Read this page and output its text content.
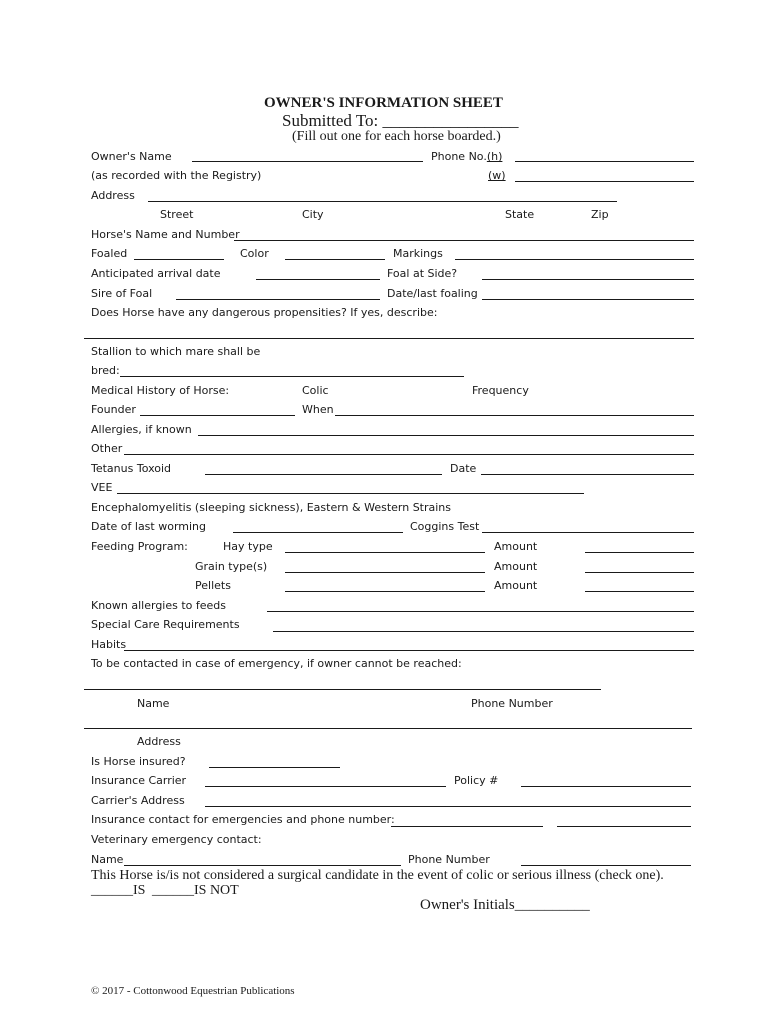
OWNER'S INFORMATION SHEET
Submitted To: ________________
(Fill out one for each horse boarded.)
Owner's Name	Phone No.(h)
(as recorded with the Registry)	(w)
Address
Street	City	State	Zip
Horse's Name and Number
Foaled	Color	Markings
Anticipated arrival date	Foal at Side?
Sire of Foal	Date/last foaling
Does Horse have any dangerous propensities? If yes, describe:
Stallion to which mare shall be
bred:
Medical History of Horse:	Colic	Frequency
Founder	When
Allergies, if known
Other
Tetanus Toxoid	Date
VEE
Encephalomyelitis (sleeping sickness), Eastern & Western Strains
Date of last worming	Coggins Test
Feeding Program:	Hay type	Amount
Grain type(s)	Amount
Pellets	Amount
Known allergies to feeds
Special Care Requirements
Habits
To be contacted in case of emergency, if owner cannot be reached:
Name	Phone Number
Address
Is Horse insured?
Insurance Carrier	Policy #
Carrier's Address
Insurance contact for emergencies and phone number:
Veterinary emergency contact:
Name	Phone Number
This Horse is/is not considered a surgical candidate in the event of colic or serious illness (check one).
______IS ______IS NOT
Owner's Initials__________
© 2017 - Cottonwood Equestrian Publications
